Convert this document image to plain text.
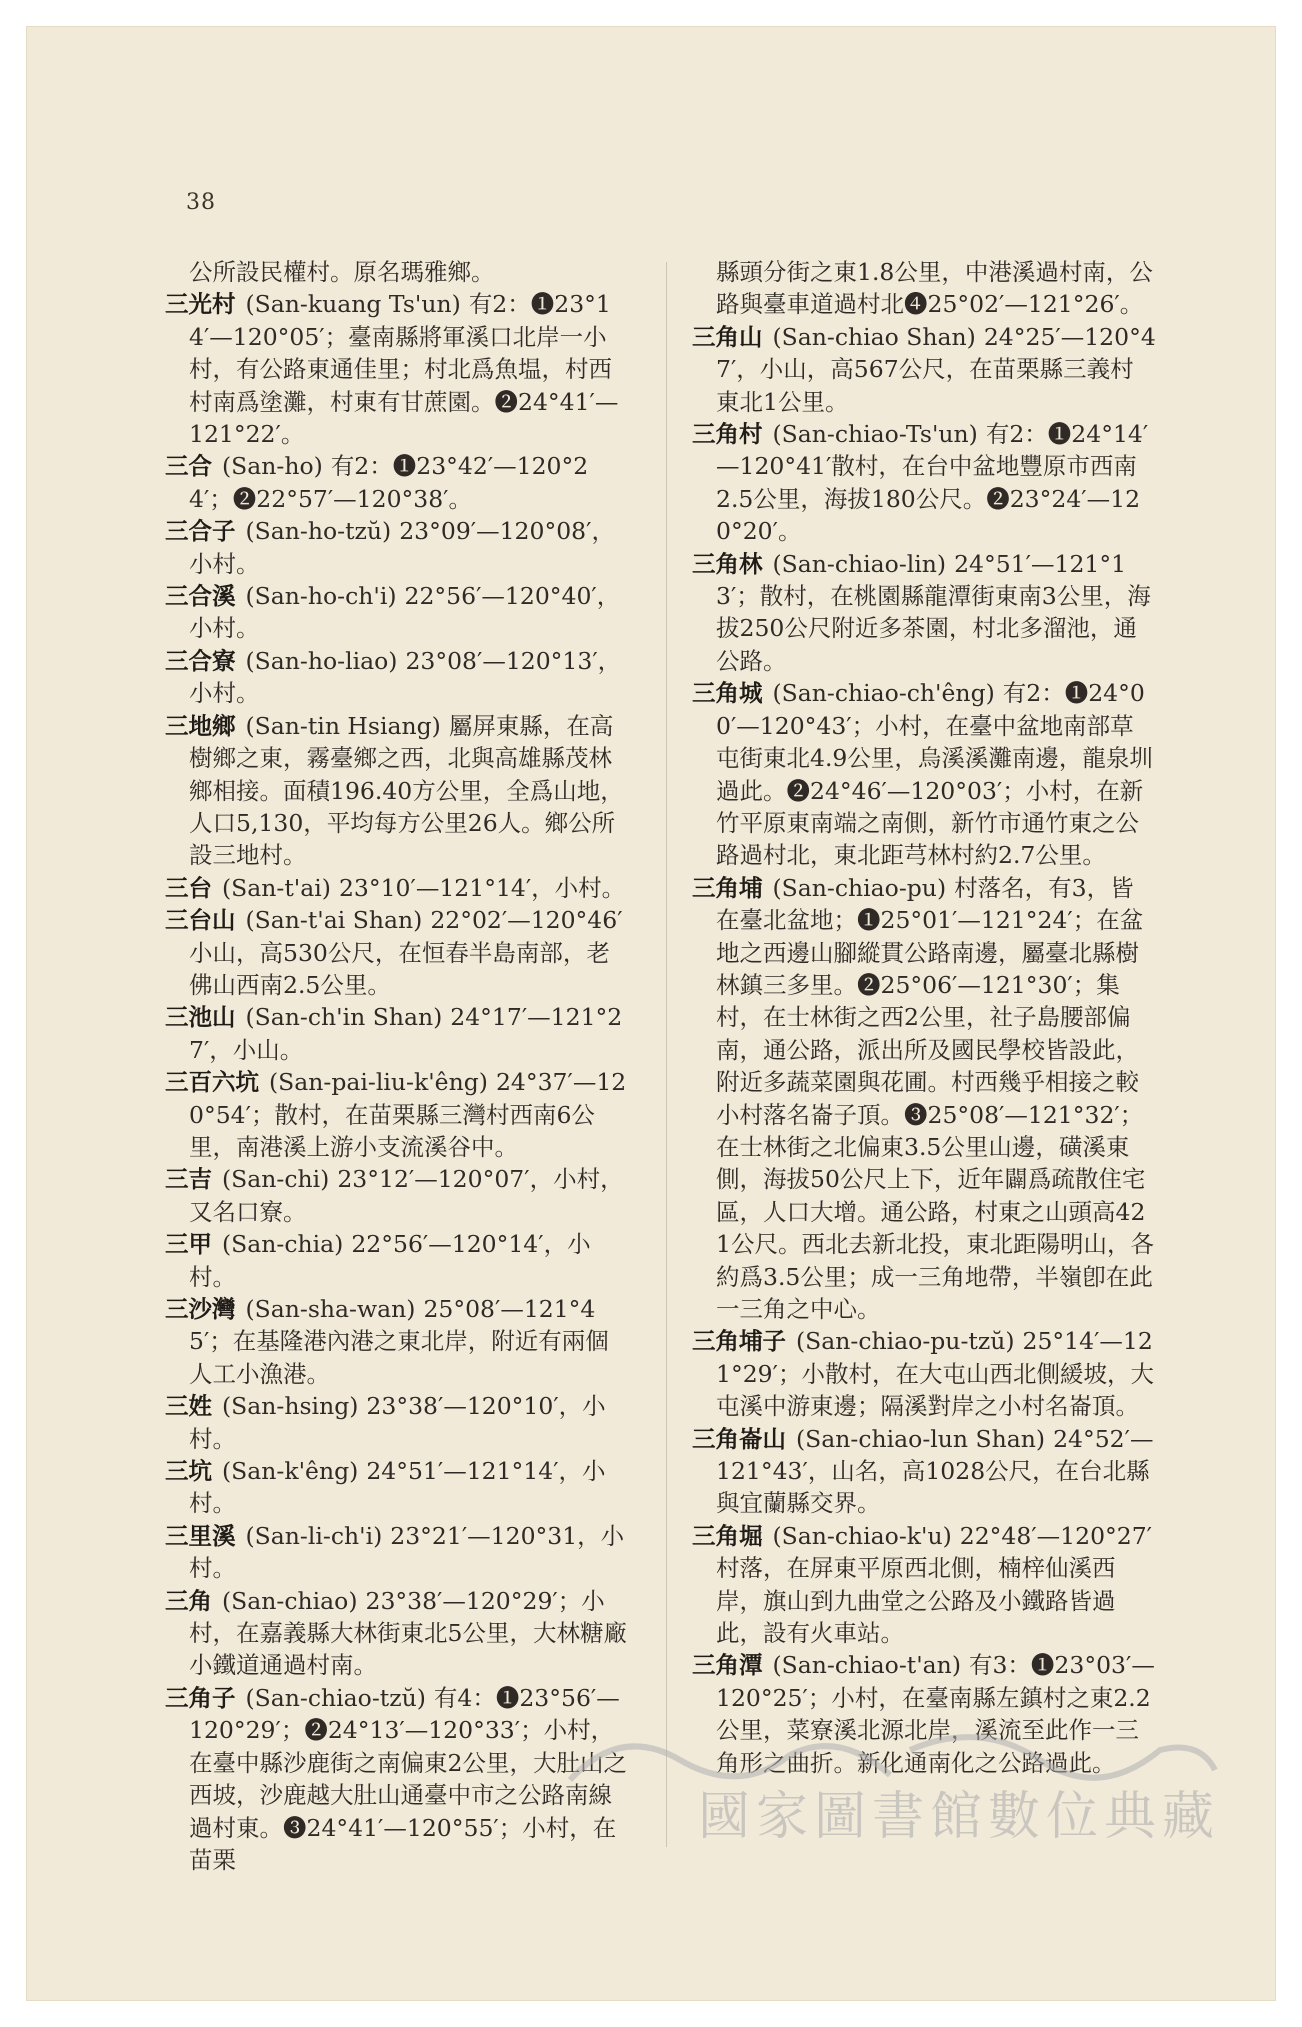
38

公所設民權村。原名瑪雅鄉。

三光村 (San-kuang Ts'un) 有2：❶23°14′—120°05′；臺南縣將軍溪口北岸一小村，有公路東通佳里；村北爲魚塭，村西村南爲塗灘，村東有甘蔗園。❷24°41′—121°22′。

三合 (San-ho) 有2：❶23°42′—120°24′；❷22°57′—120°38′。

三合子 (San-ho-tzŭ) 23°09′—120°08′，小村。

三合溪 (San-ho-ch'i) 22°56′—120°40′，小村。

三合寮 (San-ho-liao) 23°08′—120°13′，小村。

三地鄉 (San-tin Hsiang) 屬屏東縣，在高樹鄉之東，霧臺鄉之西，北與高雄縣茂林鄉相接。面積196.40方公里，全爲山地，人口5,130，平均每方公里26人。鄉公所設三地村。

三台 (San-t'ai) 23°10′—121°14′，小村。

三台山 (San-t'ai Shan) 22°02′—120°46′小山，高530公尺，在恒春半島南部，老佛山西南2.5公里。

三池山 (San-ch'in Shan) 24°17′—121°27′，小山。

三百六坑 (San-pai-liu-k'êng) 24°37′—120°54′；散村，在苗栗縣三灣村西南6公里，南港溪上游小支流溪谷中。

三吉 (San-chi) 23°12′—120°07′，小村，又名口寮。

三甲 (San-chia) 22°56′—120°14′，小村。

三沙灣 (San-sha-wan) 25°08′—121°45′；在基隆港內港之東北岸，附近有兩個人工小漁港。

三姓 (San-hsing) 23°38′—120°10′，小村。

三坑 (San-k'êng) 24°51′—121°14′，小村。

三里溪 (San-li-ch'i) 23°21′—120°31，小村。

三角 (San-chiao) 23°38′—120°29′；小村，在嘉義縣大林街東北5公里，大林糖廠小鐵道通過村南。

三角子 (San-chiao-tzŭ) 有4：❶23°56′—120°29′；❷24°13′—120°33′；小村，在臺中縣沙鹿街之南偏東2公里，大肚山之西坡，沙鹿越大肚山通臺中市之公路南線過村東。❸24°41′—120°55′；小村，在苗栗

縣頭分街之東1.8公里，中港溪過村南，公路與臺車道過村北❹25°02′—121°26′。

三角山 (San-chiao Shan) 24°25′—120°47′，小山，高567公尺，在苗栗縣三義村東北1公里。

三角村 (San-chiao-Ts'un) 有2：❶24°14′—120°41′散村，在台中盆地豐原市西南2.5公里，海拔180公尺。❷23°24′—120°20′。

三角林 (San-chiao-lin) 24°51′—121°13′；散村，在桃園縣龍潭街東南3公里，海拔250公尺附近多茶園，村北多溜池，通公路。

三角城 (San-chiao-ch'êng) 有2：❶24°00′—120°43′；小村，在臺中盆地南部草屯街東北4.9公里，烏溪溪灘南邊，龍泉圳過此。❷24°46′—120°03′；小村，在新竹平原東南端之南側，新竹市通竹東之公路過村北，東北距芎林村約2.7公里。

三角埔 (San-chiao-pu) 村落名，有3，皆在臺北盆地；❶25°01′—121°24′；在盆地之西邊山腳縱貫公路南邊，屬臺北縣樹林鎮三多里。❷25°06′—121°30′；集村，在士林街之西2公里，社子島腰部偏南，通公路，派出所及國民學校皆設此，附近多蔬菜園與花圃。村西幾乎相接之較小村落名崙子頂。❸25°08′—121°32′；在士林街之北偏東3.5公里山邊，磺溪東側，海拔50公尺上下，近年闢爲疏散住宅區，人口大增。通公路，村東之山頭高421公尺。西北去新北投，東北距陽明山，各約爲3.5公里；成一三角地帶，半嶺卽在此一三角之中心。

三角埔子 (San-chiao-pu-tzŭ) 25°14′—121°29′；小散村，在大屯山西北側緩坡，大屯溪中游東邊；隔溪對岸之小村名崙頂。

三角崙山 (San-chiao-lun Shan) 24°52′—121°43′，山名，高1028公尺，在台北縣與宜蘭縣交界。

三角堀 (San-chiao-k'u) 22°48′—120°27′村落，在屏東平原西北側，楠梓仙溪西岸，旗山到九曲堂之公路及小鐵路皆過此，設有火車站。

三角潭 (San-chiao-t'an) 有3：❶23°03′—120°25′；小村，在臺南縣左鎮村之東2.2公里，菜寮溪北源北岸，溪流至此作一三角形之曲折。新化通南化之公路過此。

國家圖書館數位典藏
